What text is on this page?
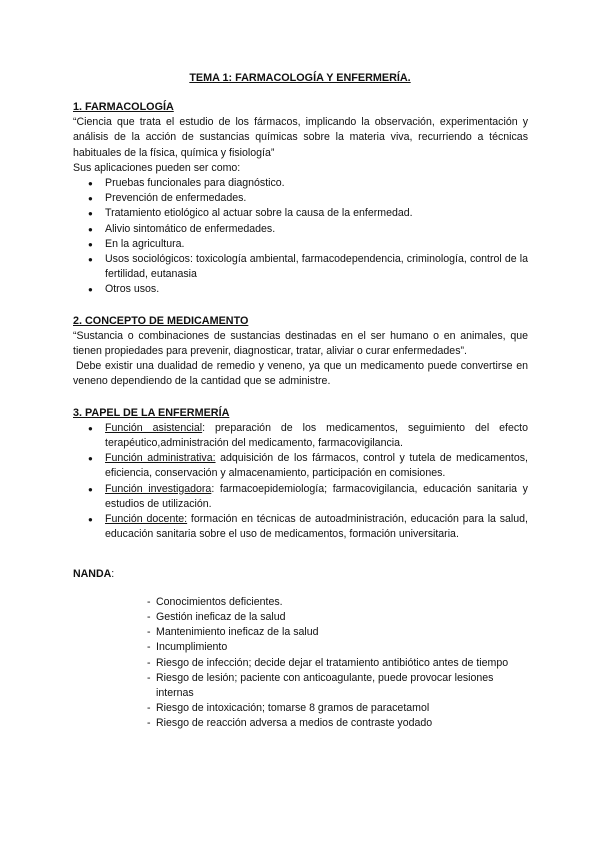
TEMA 1: FARMACOLOGÍA Y ENFERMERÍA.
1. FARMACOLOGÍA

“Ciencia que trata el estudio de los fármacos, implicando la observación, experimentación y análisis de la acción de sustancias químicas sobre la materia viva, recurriendo a técnicas habituales de la física, química y fisiología”

Sus aplicaciones pueden ser como:

● Pruebas funcionales para diagnóstico.
● Prevención de enfermedades.
● Tratamiento etiológico al actuar sobre la causa de la enfermedad.
● Alivio sintomático de enfermedades.
● En la agricultura.
● Usos sociológicos: toxicología ambiental, farmacodependencia, criminología, control de la fertilidad, eutanasia
● Otros usos.
2. CONCEPTO DE MEDICAMENTO

“Sustancia o combinaciones de sustancias destinadas en el ser humano o en animales, que tienen propiedades para prevenir, diagnosticar, tratar, aliviar o curar enfermedades”.

Debe existir una dualidad de remedio y veneno, ya que un medicamento puede convertirse en veneno dependiendo de la cantidad que se administre.

3. PAPEL DE LA ENFERMERÍA
● Función asistencial: preparación de los medicamentos, seguimiento del efecto terapéutico,administración del medicamento, farmacovigilancia.
● Función administrativa: adquisición de los fármacos, control y tutela de medicamentos, eficiencia, conservación y almacenamiento, participación en comisiones.
● Función investigadora: farmacoepidemiología; farmacovigilancia, educación sanitaria y estudios de utilización.
● Función docente: formación en técnicas de autoadministración, educación para la salud, educación sanitaria sobre el uso de medicamentos, formación universitaria.

NANDA:

- Conocimientos deficientes.
- Gestión ineficaz de la salud
- Mantenimiento ineficaz de la salud
- Incumplimiento
- Riesgo de infección; decide dejar el tratamiento antibiótico antes de tiempo
- Riesgo de lesión; paciente con anticoagulante, puede provocar lesiones internas
- Riesgo de intoxicación; tomarse 8 gramos de paracetamol
- Riesgo de reacción adversa a medios de contraste yodado
